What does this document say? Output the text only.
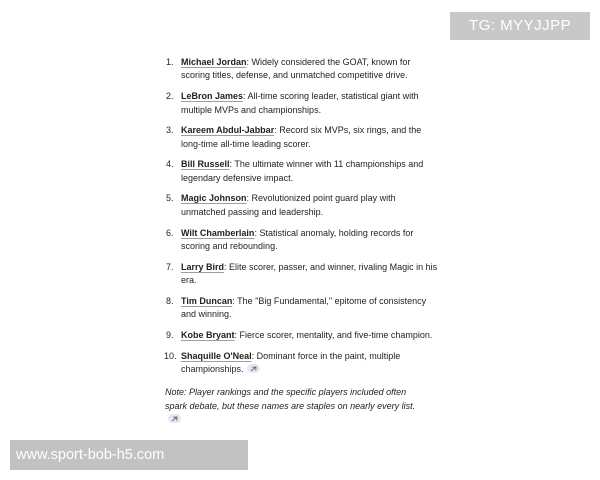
1. Michael Jordan: Widely considered the GOAT, known for scoring titles, defense, and unmatched competitive drive.
2. LeBron James: All-time scoring leader, statistical giant with multiple MVPs and championships.
3. Kareem Abdul-Jabbar: Record six MVPs, six rings, and the long-time all-time leading scorer.
4. Bill Russell: The ultimate winner with 11 championships and legendary defensive impact.
5. Magic Johnson: Revolutionized point guard play with unmatched passing and leadership.
6. Wilt Chamberlain: Statistical anomaly, holding records for scoring and rebounding.
7. Larry Bird: Elite scorer, passer, and winner, rivaling Magic in his era.
8. Tim Duncan: The "Big Fundamental," epitome of consistency and winning.
9. Kobe Bryant: Fierce scorer, mentality, and five-time champion.
10. Shaquille O'Neal: Dominant force in the paint, multiple championships.
Note: Player rankings and the specific players included often spark debate, but these names are staples on nearly every list.
TG: MYYJJPP
www.sport-bob-h5.com
